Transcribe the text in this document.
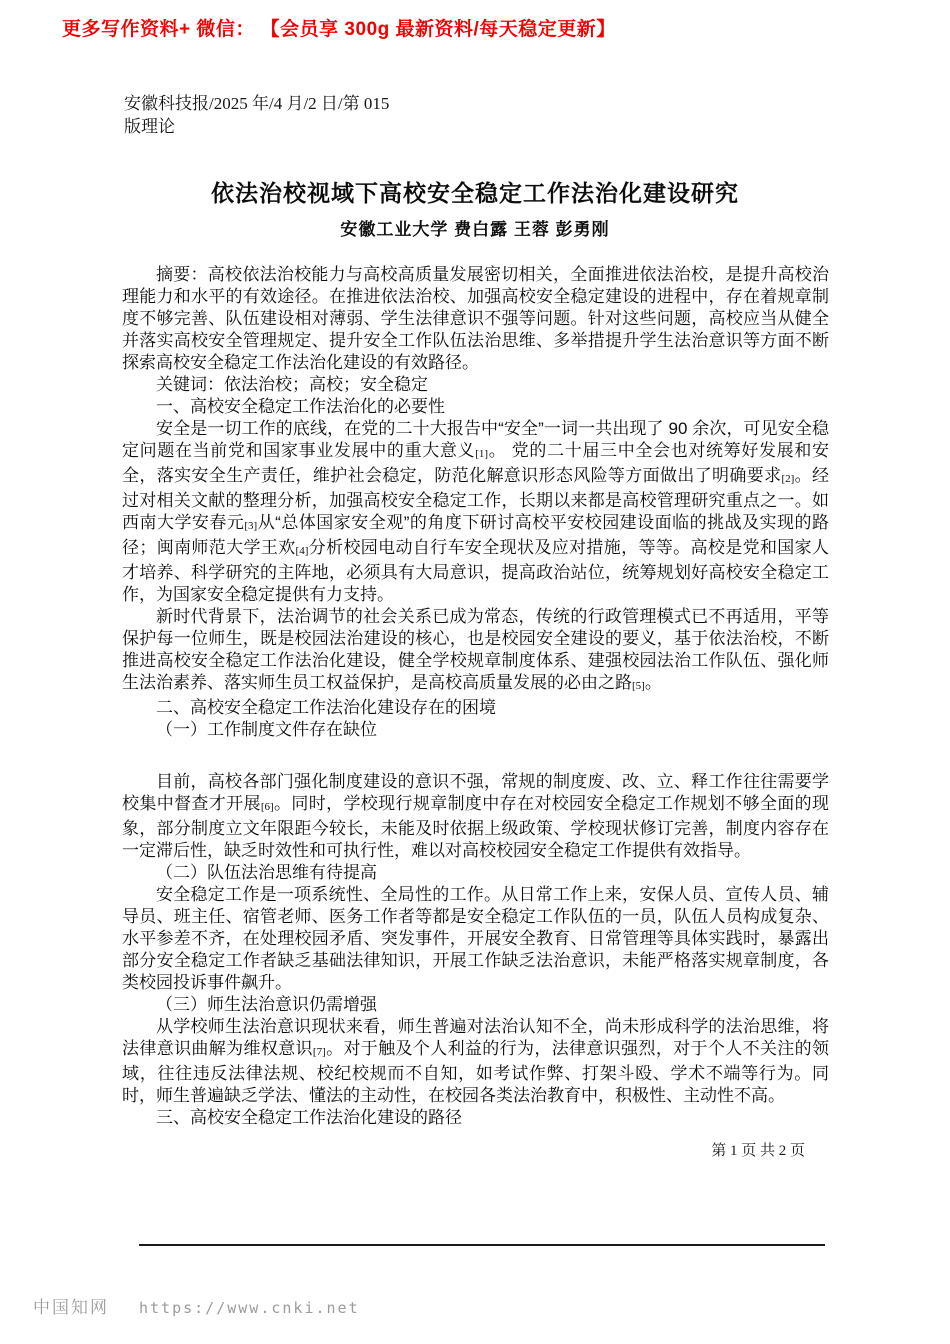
更多写作资料+ 微信： 【会员享 300g 最新资料/每天稳定更新】
安徽科技报/2025 年/4 月/2 日/第 015
版理论
依法治校视域下高校安全稳定工作法治化建设研究
安徽工业大学 费白露 王蓉 彭勇刚

摘要：高校依法治校能力与高校高质量发展密切相关，全面推进依法治校，是提升高校治理能力和水平的有效途径。在推进依法治校、加强高校安全稳定建设的进程中，存在着规章制度不够完善、队伍建设相对薄弱、学生法律意识不强等问题。针对这些问题，高校应当从健全并落实高校安全管理规定、提升安全工作队伍法治思维、多举措提升学生法治意识等方面不断探索高校安全稳定工作法治化建设的有效路径。

关键词：依法治校；高校；安全稳定

一、高校安全稳定工作法治化的必要性

安全是一切工作的底线，在党的二十大报告中“安全”一词一共出现了 90 余次，可见安全稳定问题在当前党和国家事业发展中的重大意义[1]。 党的二十届三中全会也对统筹好发展和安全，落实安全生产责任，维护社会稳定，防范化解意识形态风险等方面做出了明确要求[2]。经过对相关文献的整理分析，加强高校安全稳定工作，长期以来都是高校管理研究重点之一。如西南大学安春元[3]从“总体国家安全观”的角度下研讨高校平安校园建设面临的挑战及实现的路径；闽南师范大学王欢[4]分析校园电动自行车安全现状及应对措施，等等。高校是党和国家人才培养、科学研究的主阵地，必须具有大局意识，提高政治站位，统筹规划好高校安全稳定工作，为国家安全稳定提供有力支持。

新时代背景下，法治调节的社会关系已成为常态，传统的行政管理模式已不再适用，平等保护每一位师生，既是校园法治建设的核心，也是校园安全建设的要义，基于依法治校，不断推进高校安全稳定工作法治化建设，健全学校规章制度体系、建强校园法治工作队伍、强化师生法治素养、落实师生员工权益保护，是高校高质量发展的必由之路[5]。

二、高校安全稳定工作法治化建设存在的困境

（一）工作制度文件存在缺位

目前，高校各部门强化制度建设的意识不强，常规的制度废、改、立、释工作往往需要学校集中督查才开展[6]。同时，学校现行规章制度中存在对校园安全稳定工作规划不够全面的现象，部分制度立文年限距今较长，未能及时依据上级政策、学校现状修订完善，制度内容存在一定滞后性，缺乏时效性和可执行性，难以对高校校园安全稳定工作提供有效指导。

（二）队伍法治思维有待提高

安全稳定工作是一项系统性、全局性的工作。从日常工作上来，安保人员、宣传人员、辅导员、班主任、宿管老师、医务工作者等都是安全稳定工作队伍的一员，队伍人员构成复杂、水平参差不齐，在处理校园矛盾、突发事件，开展安全教育、日常管理等具体实践时，暴露出部分安全稳定工作者缺乏基础法律知识，开展工作缺乏法治意识，未能严格落实规章制度，各类校园投诉事件飙升。

（三）师生法治意识仍需增强

从学校师生法治意识现状来看，师生普遍对法治认知不全，尚未形成科学的法治思维，将法律意识曲解为维权意识[7]。对于触及个人利益的行为，法律意识强烈，对于个人不关注的领域，往往违反法律法规、校纪校规而不自知，如考试作弊、打架斗殴、学术不端等行为。同时，师生普遍缺乏学法、懂法的主动性，在校园各类法治教育中，积极性、主动性不高。

三、高校安全稳定工作法治化建设的路径

第 1 页 共 2 页
中国知网 https://www.cnki.net
